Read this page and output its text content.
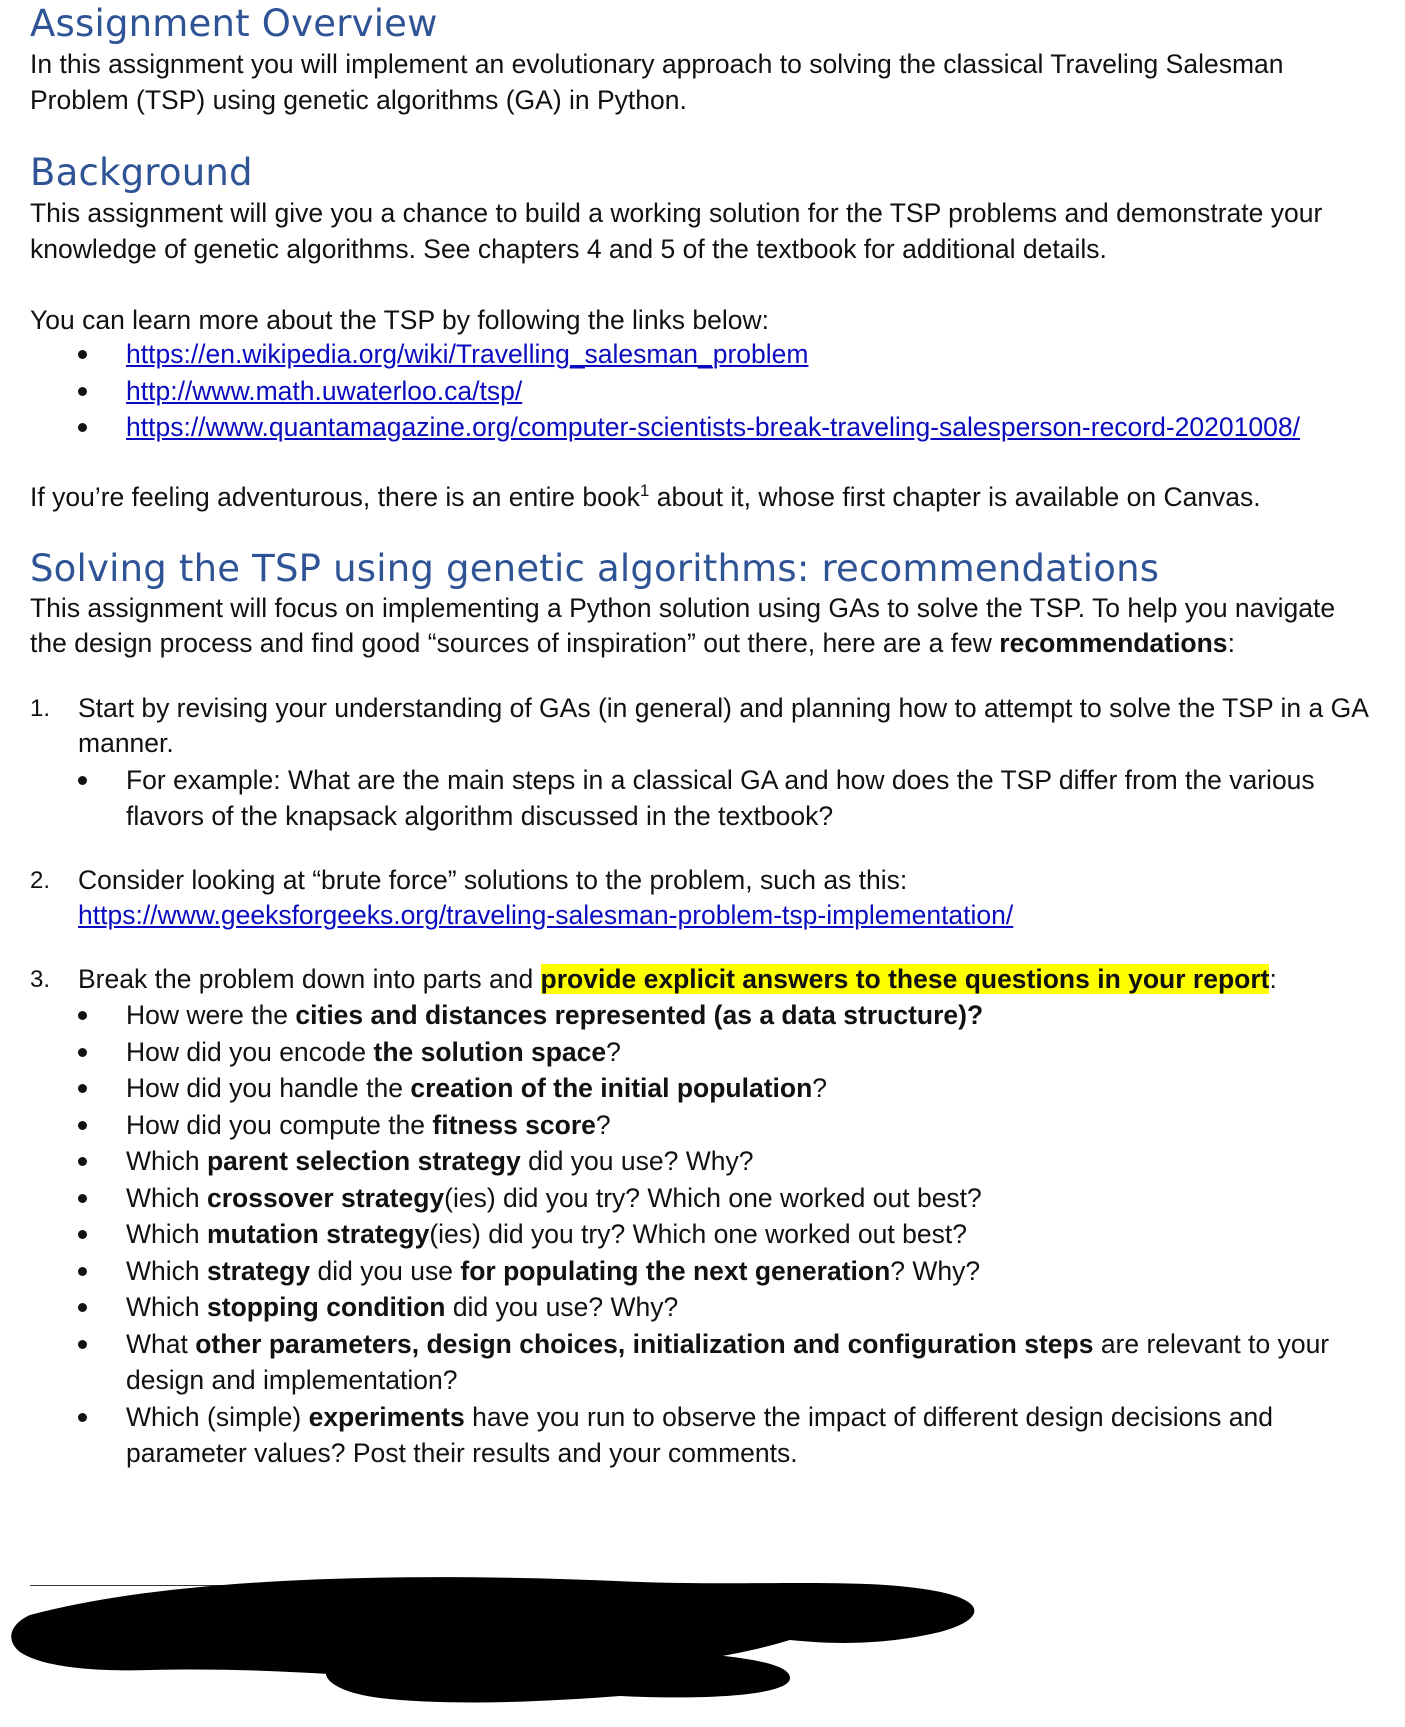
Assignment Overview

In this assignment you will implement an evolutionary approach to solving the classical Traveling Salesman Problem (TSP) using genetic algorithms (GA) in Python.

Background

This assignment will give you a chance to build a working solution for the TSP problems and demonstrate your knowledge of genetic algorithms. See chapters 4 and 5 of the textbook for additional details.

You can learn more about the TSP by following the links below:

https://en.wikipedia.org/wiki/Travelling_salesman_problem
http://www.math.uwaterloo.ca/tsp/
https://www.quantamagazine.org/computer-scientists-break-traveling-salesperson-record-20201008/

If you’re feeling adventurous, there is an entire book$^1$ about it, whose first chapter is available on Canvas.

Solving the TSP using genetic algorithms: recommendations

This assignment will focus on implementing a Python solution using GAs to solve the TSP. To help you navigate the design process and find good “sources of inspiration” out there, here are a few recommendations:

1. Start by revising your understanding of GAs (in general) and planning how to attempt to solve the TSP in a GA manner.
For example: What are the main steps in a classical GA and how does the TSP differ from the various flavors of the knapsack algorithm discussed in the textbook?
2. Consider looking at “brute force” solutions to the problem, such as this:
https://www.geeksforgeeks.org/traveling-salesman-problem-tsp-implementation/
3. Break the problem down into parts and provide explicit answers to these questions in your report:
How were the cities and distances represented (as a data structure)?
How did you encode the solution space?
How did you handle the creation of the initial population?
How did you compute the fitness score?
Which parent selection strategy did you use? Why?
Which crossover strategy(ies) did you try? Which one worked out best?
Which mutation strategy(ies) did you try? Which one worked out best?
Which strategy did you use for populating the next generation? Why?
Which stopping condition did you use? Why?
What other parameters, design choices, initialization and configuration steps are relevant to your design and implementation?
Which (simple) experiments have you run to observe the impact of different design decisions and parameter values? Post their results and your comments.
